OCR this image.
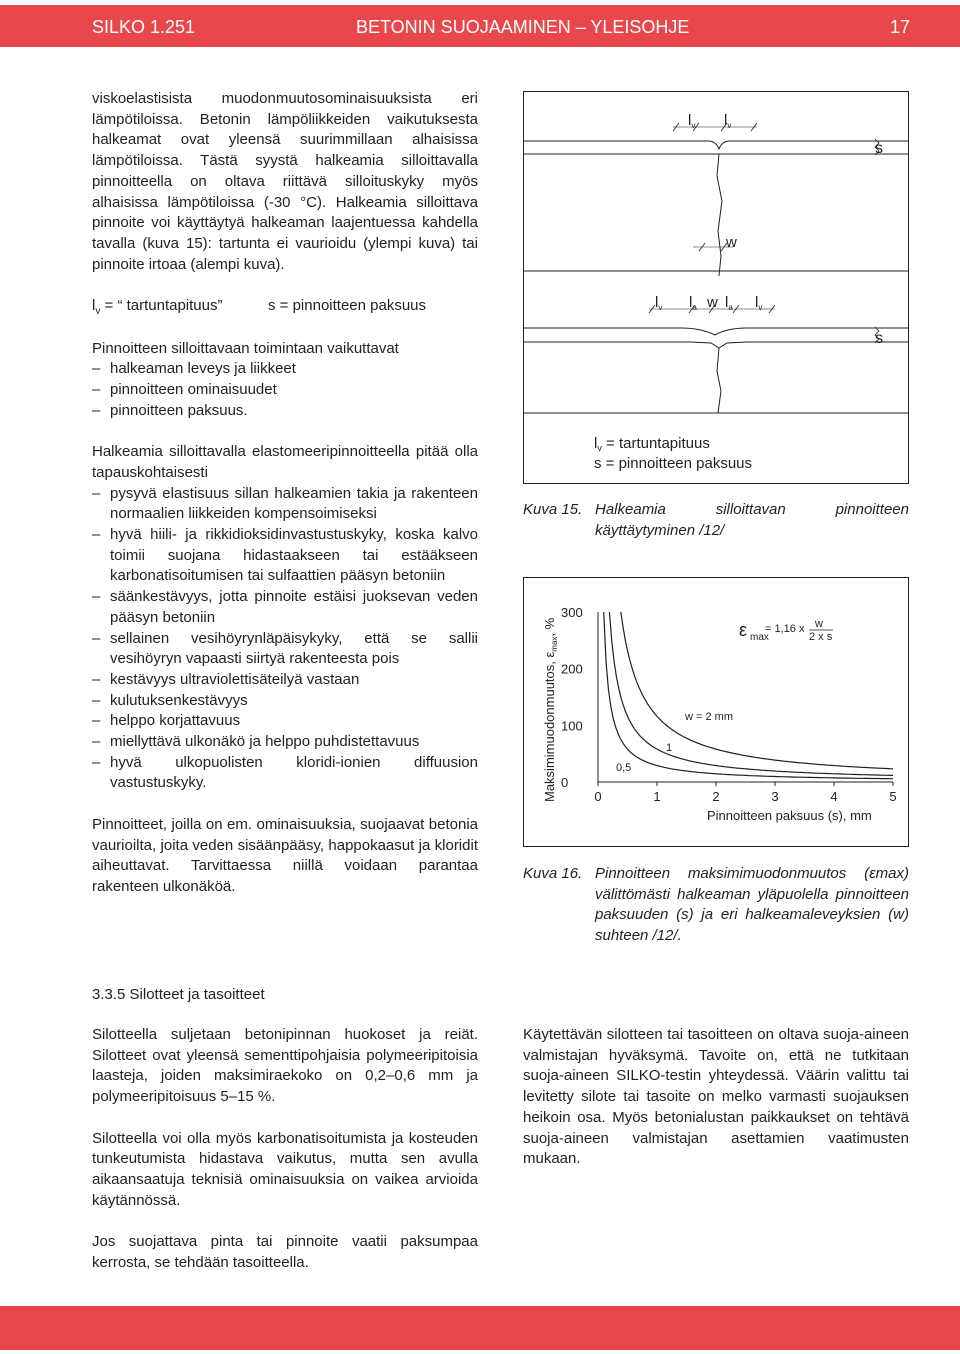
SILKO 1.251	BETONIN SUOJAAMINEN – YLEISOHJE	17

viskoelastisista muodonmuutosominaisuuksista eri lämpötiloissa. Betonin lämpöliikkeiden vaikutuksesta halkeamat ovat yleensä suurimmillaan alhaisissa lämpötiloissa. Tästä syystä halkeamia silloittavalla pinnoitteella on oltava riittävä silloituskyky myös alhaisissa lämpötiloissa (-30 °C). Halkeamia silloittava pinnoite voi käyttäytyä halkeaman laajentuessa kahdella tavalla (kuva 15): tartunta ei vaurioidu (ylempi kuva) tai pinnoite irtoaa (alempi kuva).

$l_v$ = “ tartuntapituus”	s = pinnoitteen paksuus

Pinnoitteen silloittavaan toimintaan vaikuttavat

– halkeaman leveys ja liikkeet
– pinnoitteen ominaisuudet
– pinnoitteen paksuus.

Halkeamia silloittavalla elastomeeripinnoitteella pitää olla tapauskohtaisesti

– pysyvä elastisuus sillan halkeamien takia ja rakenteen normaalien liikkeiden kompensoimiseksi
– hyvä hiili- ja rikkidioksidinvastustuskyky, koska kalvo toimii suojana hidastaakseen tai estääkseen karbonatisoitumisen tai sulfaattien pääsyn betoniin
– säänkestävyys, jotta pinnoite estäisi juoksevan veden pääsyn betoniin
– sellainen vesihöyrynläpäisykyky, että se sallii vesihöyryn vapaasti siirtyä rakenteesta pois
– kestävyys ultraviolettisäteilyä vastaan
– kulutuksenkestävyys
– helppo korjattavuus
– miellyttävä ulkonäkö ja helppo puhdistettavuus
– hyvä ulkopuolisten kloridi-ionien diffuusion vastustuskyky.

Pinnoitteet, joilla on em. ominaisuuksia, suojaavat betonia vaurioilta, joita veden sisäänpääsy, happokaasut ja kloridit aiheuttavat. Tarvittaessa niillä voidaan parantaa rakenteen ulkonäköä.

$l_v$ $l_v$
s
w
$l_v$ $l_a$ w $l_a$ $l_v$
s
$l_v$ = tartuntapituus
s = pinnoitteen paksuus
Kuva 15. Halkeamia silloittavan pinnoitteen käyttäytyminen /12/
0
100
200
300
0	1	2	3	4	5
Pinnoitteen paksuus (s), mm
Maksimimuodonmuutos, $\varepsilon_{max}$, %	ε max
= 1,16 x w
2 x s
w = 2 mm
1
0,5
Kuva 16. Pinnoitteen maksimimuodonmuutos (εmax) välittömästi halkeaman yläpuolella pinnoitteen paksuuden (s) ja eri halkeamaleveyksien (w) suhteen /12/.
3.3.5 Silotteet ja tasoitteet

Silotteella suljetaan betonipinnan huokoset ja reiät. Silotteet ovat yleensä sementtipohjaisia polymeeripitoisia laasteja, joiden maksimiraekoko on 0,2–0,6 mm ja polymeeripitoisuus 5–15 %.

Silotteella voi olla myös karbonatisoitumista ja kosteuden tunkeutumista hidastava vaikutus, mutta sen avulla aikaansaatuja teknisiä ominaisuuksia on vaikea arvioida käytännössä.

Jos suojattava pinta tai pinnoite vaatii paksumpaa kerrosta, se tehdään tasoitteella.

Käytettävän silotteen tai tasoitteen on oltava suoja-aineen valmistajan hyväksymä. Tavoite on, että ne tutkitaan suoja-aineen SILKO-testin yhteydessä. Väärin valittu tai levitetty silote tai tasoite on melko varmasti suojauksen heikoin osa. Myös betonialustan paikkaukset on tehtävä suoja-aineen valmistajan asettamien vaatimusten mukaan.
